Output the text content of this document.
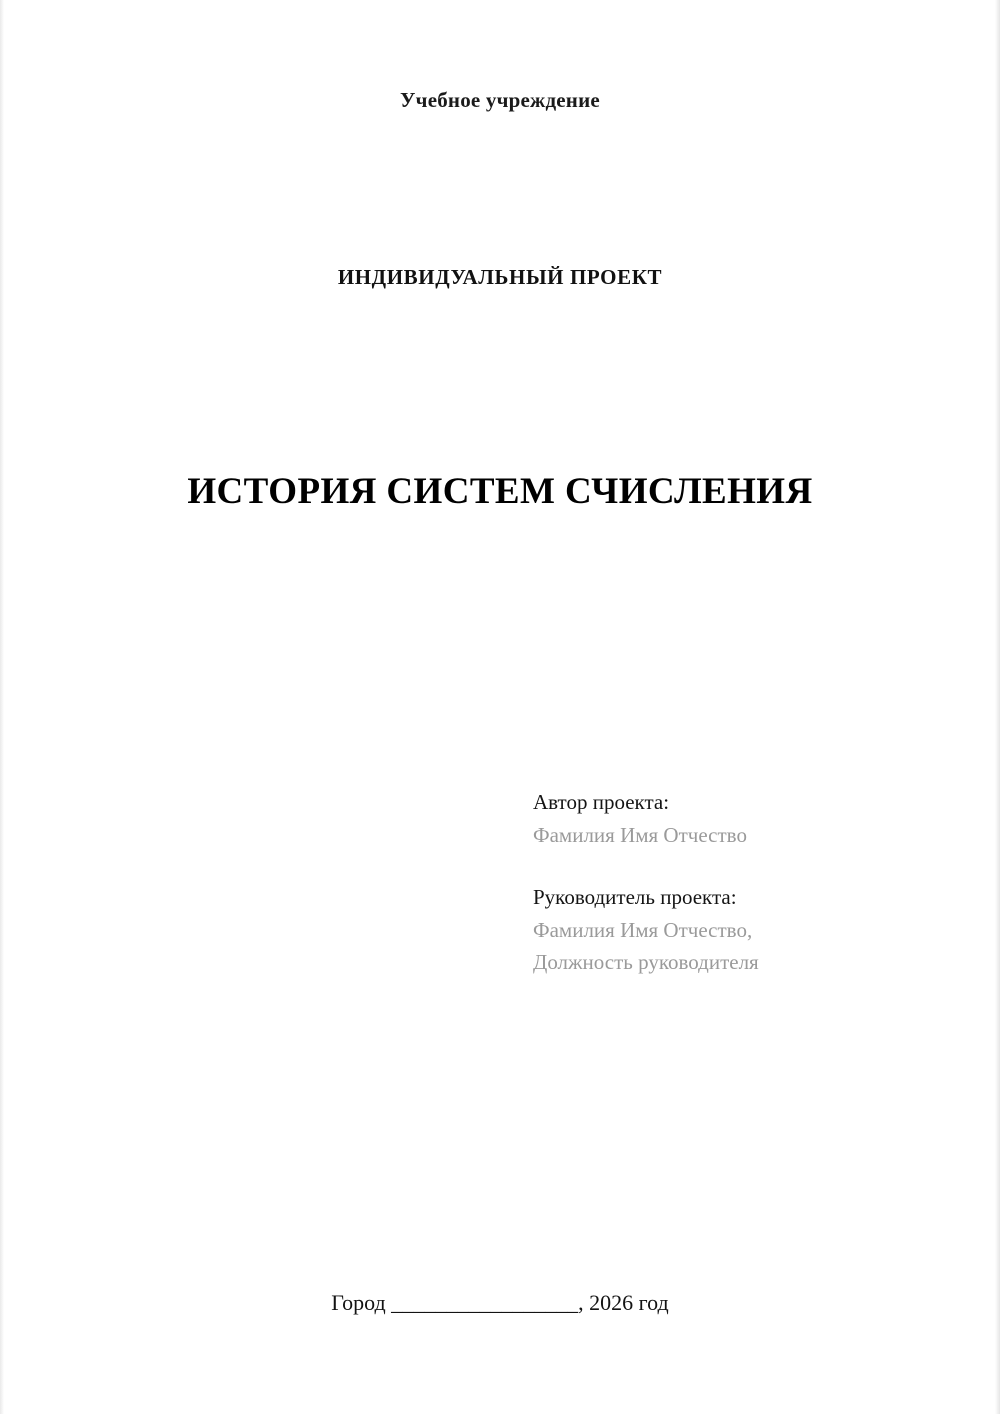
Учебное учреждение
ИНДИВИДУАЛЬНЫЙ ПРОЕКТ
ИСТОРИЯ СИСТЕМ СЧИСЛЕНИЯ
Автор проекта:
Фамилия Имя Отчество
Руководитель проекта:
Фамилия Имя Отчество,
Должность руководителя
Город _________________, 2026 год
